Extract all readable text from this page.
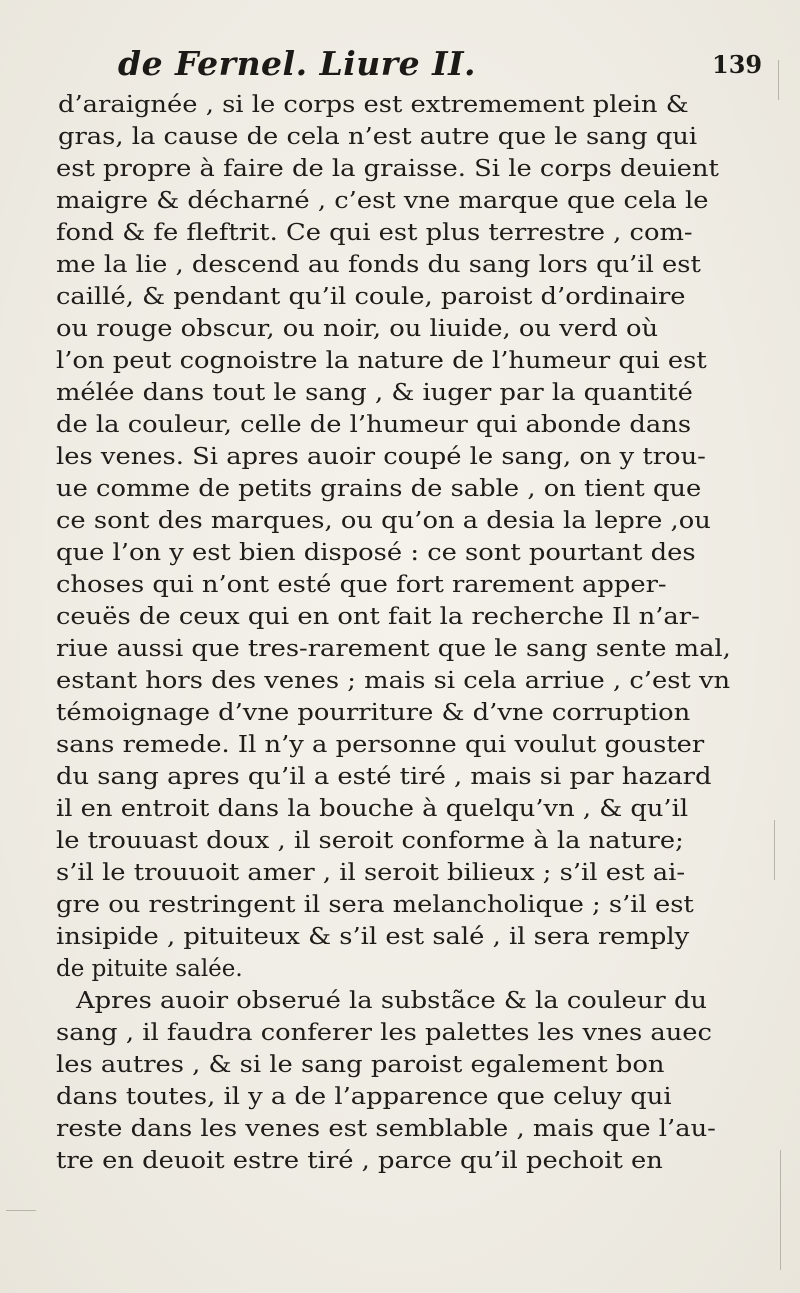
de Fernel. Liure II.	139
d’araignée , si le corps est extremement plein &
gras, la cause de cela n’est autre que le sang qui
est propre à faire de la graisse. Si le corps deuient
maigre & décharné , c’est vne marque que cela le
fond & fe fleftrit. Ce qui est plus terrestre , com-
me la lie , descend au fonds du sang lors qu’il est
caillé, & pendant qu’il coule, paroist d’ordinaire
ou rouge obscur, ou noir, ou liuide, ou verd où
l’on peut cognoistre la nature de l’humeur qui est
mélée dans tout le sang , & iuger par la quantité
de la couleur, celle de l’humeur qui abonde dans
les venes. Si apres auoir coupé le sang, on y trou-
ue comme de petits grains de sable , on tient que
ce sont des marques, ou qu’on a desia la lepre ,ou
que l’on y est bien disposé : ce sont pourtant des
choses qui n’ont esté que fort rarement apper-
ceuës de ceux qui en ont fait la recherche Il n’ar-
riue aussi que tres-rarement que le sang sente mal,
estant hors des venes ; mais si cela arriue , c’est vn
témoignage d’vne pourriture & d’vne corruption
sans remede. Il n’y a personne qui voulut gouster
du sang apres qu’il a esté tiré , mais si par hazard
il en entroit dans la bouche à quelqu’vn , & qu’il
le trouuast doux , il seroit conforme à la nature;
s’il le trouuoit amer , il seroit bilieux ; s’il est ai-
gre ou restringent il sera melancholique ; s’il est
insipide , pituiteux & s’il est salé , il sera remply
de pituite salée.
Apres auoir obserué la substãce & la couleur du
sang , il faudra conferer les palettes les vnes auec
les autres , & si le sang paroist egalement bon
dans toutes, il y a de l’apparence que celuy qui
reste dans les venes est semblable , mais que l’au-
tre en deuoit estre tiré , parce qu’il pechoit en
